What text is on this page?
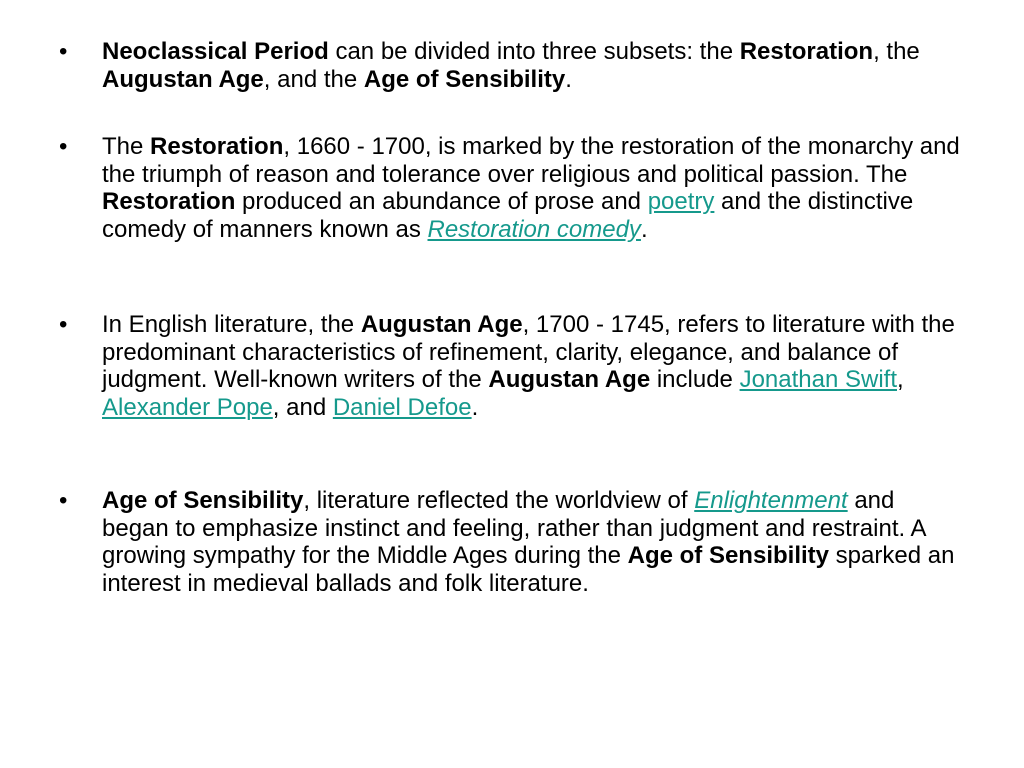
• Neoclassical Period can be divided into three subsets: the Restoration, the Augustan Age, and the Age of Sensibility.
• The Restoration, 1660 - 1700, is marked by the restoration of the monarchy and the triumph of reason and tolerance over religious and political passion. The Restoration produced an abundance of prose and poetry and the distinctive comedy of manners known as Restoration comedy.
• In English literature, the Augustan Age, 1700 - 1745, refers to literature with the predominant characteristics of refinement, clarity, elegance, and balance of judgment. Well-known writers of the Augustan Age include Jonathan Swift, Alexander Pope, and Daniel Defoe.
• Age of Sensibility, literature reflected the worldview of Enlightenment and began to emphasize instinct and feeling, rather than judgment and restraint. A growing sympathy for the Middle Ages during the Age of Sensibility sparked an interest in medieval ballads and folk literature.
